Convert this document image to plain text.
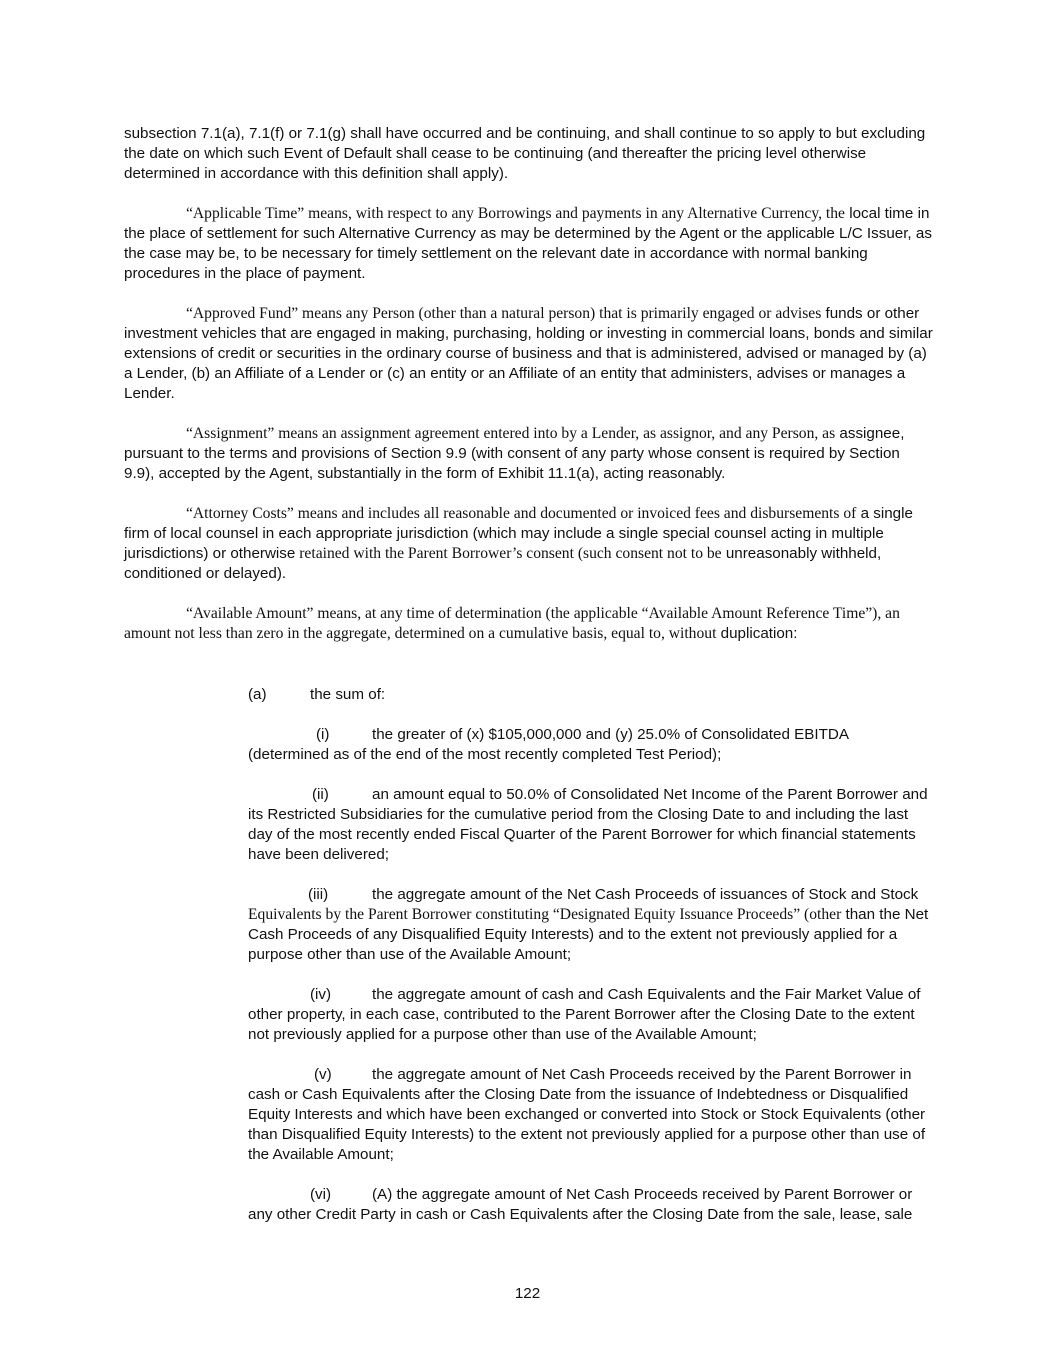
subsection 7.1(a), 7.1(f) or 7.1(g) shall have occurred and be continuing, and shall continue to so apply to but excluding the date on which such Event of Default shall cease to be continuing (and thereafter the pricing level otherwise determined in accordance with this definition shall apply).

“Applicable Time” means, with respect to any Borrowings and payments in any Alternative Currency, the local time in the place of settlement for such Alternative Currency as may be determined by the Agent or the applicable L/C Issuer, as the case may be, to be necessary for timely settlement on the relevant date in accordance with normal banking procedures in the place of payment.

“Approved Fund” means any Person (other than a natural person) that is primarily engaged or advises funds or other investment vehicles that are engaged in making, purchasing, holding or investing in commercial loans, bonds and similar extensions of credit or securities in the ordinary course of business and that is administered, advised or managed by (a) a Lender, (b) an Affiliate of a Lender or (c) an entity or an Affiliate of an entity that administers, advises or manages a Lender.

“Assignment” means an assignment agreement entered into by a Lender, as assignor, and any Person, as assignee, pursuant to the terms and provisions of Section 9.9 (with consent of any party whose consent is required by Section 9.9), accepted by the Agent, substantially in the form of Exhibit 11.1(a), acting reasonably.

“Attorney Costs” means and includes all reasonable and documented or invoiced fees and disbursements of a single firm of local counsel in each appropriate jurisdiction (which may include a single special counsel acting in multiple jurisdictions) or otherwise retained with the Parent Borrower’s consent (such consent not to be unreasonably withheld, conditioned or delayed).

“Available Amount” means, at any time of determination (the applicable “Available Amount Reference Time”), an amount not less than zero in the aggregate, determined on a cumulative basis, equal to, without duplication:

(a)	the sum of:

(i)	the greater of (x) $105,000,000 and (y) 25.0% of Consolidated EBITDA (determined as of the end of the most recently completed Test Period);

(ii)	an amount equal to 50.0% of Consolidated Net Income of the Parent Borrower and its Restricted Subsidiaries for the cumulative period from the Closing Date to and including the last day of the most recently ended Fiscal Quarter of the Parent Borrower for which financial statements have been delivered;

(iii)	the aggregate amount of the Net Cash Proceeds of issuances of Stock and Stock Equivalents by the Parent Borrower constituting “Designated Equity Issuance Proceeds” (other than the Net Cash Proceeds of any Disqualified Equity Interests) and to the extent not previously applied for a purpose other than use of the Available Amount;

(iv)	the aggregate amount of cash and Cash Equivalents and the Fair Market Value of other property, in each case, contributed to the Parent Borrower after the Closing Date to the extent not previously applied for a purpose other than use of the Available Amount;

(v)	the aggregate amount of Net Cash Proceeds received by the Parent Borrower in cash or Cash Equivalents after the Closing Date from the issuance of Indebtedness or Disqualified Equity Interests and which have been exchanged or converted into Stock or Stock Equivalents (other than Disqualified Equity Interests) to the extent not previously applied for a purpose other than use of the Available Amount;

(vi)	(A) the aggregate amount of Net Cash Proceeds received by Parent Borrower or any other Credit Party in cash or Cash Equivalents after the Closing Date from the sale, lease, sale

122
